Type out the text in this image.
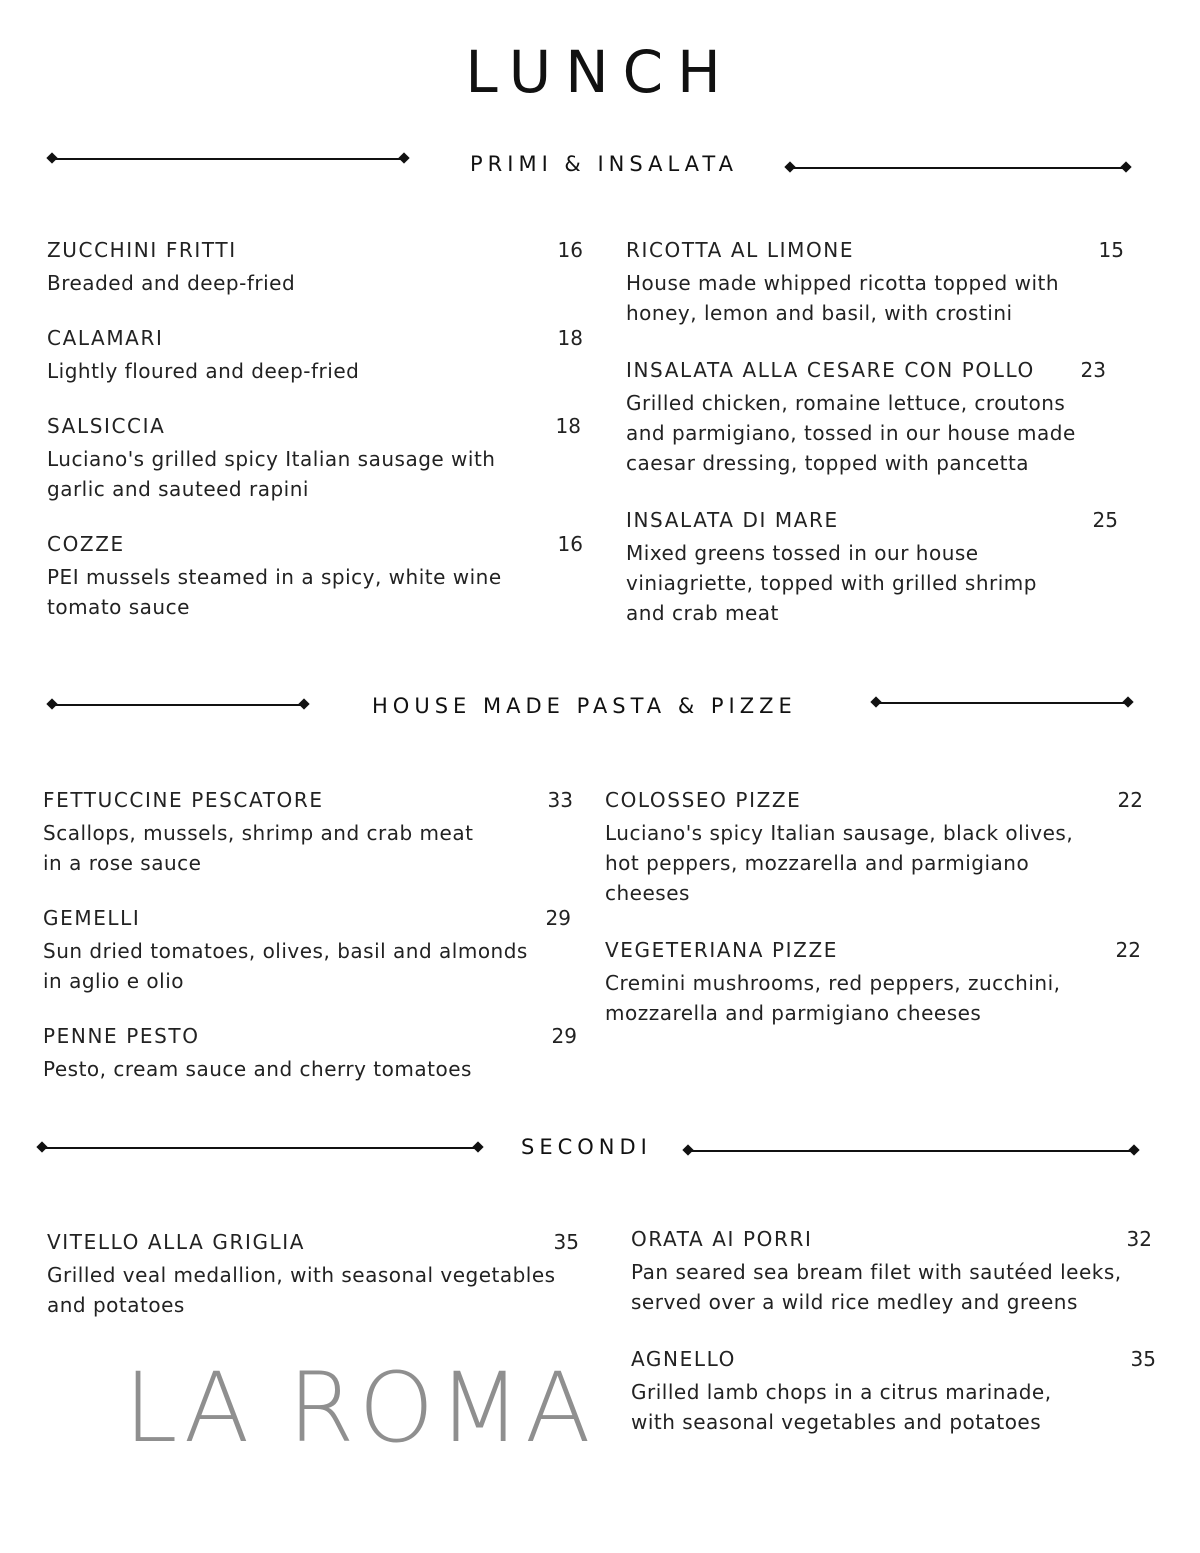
LUNCH
PRIMI & INSALATA
ZUCCHINI FRITTI	16
Breaded and deep-fried
CALAMARI	18
Lightly floured and deep-fried
SALSICCIA	18
Luciano's grilled spicy Italian sausage with garlic and sauteed rapini
COZZE	16
PEI mussels steamed in a spicy, white wine tomato sauce
RICOTTA AL LIMONE	15
House made whipped ricotta topped with honey, lemon and basil, with crostini
INSALATA ALLA CESARE CON POLLO 23
Grilled chicken, romaine lettuce, croutons and parmigiano, tossed in our house made caesar dressing, topped with pancetta
INSALATA DI MARE	25
Mixed greens tossed in our house viniagriette, topped with grilled shrimp and crab meat
HOUSE MADE PASTA & PIZZE
FETTUCCINE PESCATORE	33
Scallops, mussels, shrimp and crab meat in a rose sauce
GEMELLI	29
Sun dried tomatoes, olives, basil and almonds in aglio e olio
PENNE PESTO	29
Pesto, cream sauce and cherry tomatoes
COLOSSEO PIZZE	22
Luciano's spicy Italian sausage, black olives, hot peppers, mozzarella and parmigiano cheeses
VEGETERIANA PIZZE	22
Cremini mushrooms, red peppers, zucchini, mozzarella and parmigiano cheeses
SECONDI
VITELLO ALLA GRIGLIA	35
Grilled veal medallion, with seasonal vegetables and potatoes
ORATA AI PORRI	32
Pan seared sea bream filet with sautéed leeks, served over a wild rice medley and greens
AGNELLO	35
Grilled lamb chops in a citrus marinade, with seasonal vegetables and potatoes
LA ROMA
